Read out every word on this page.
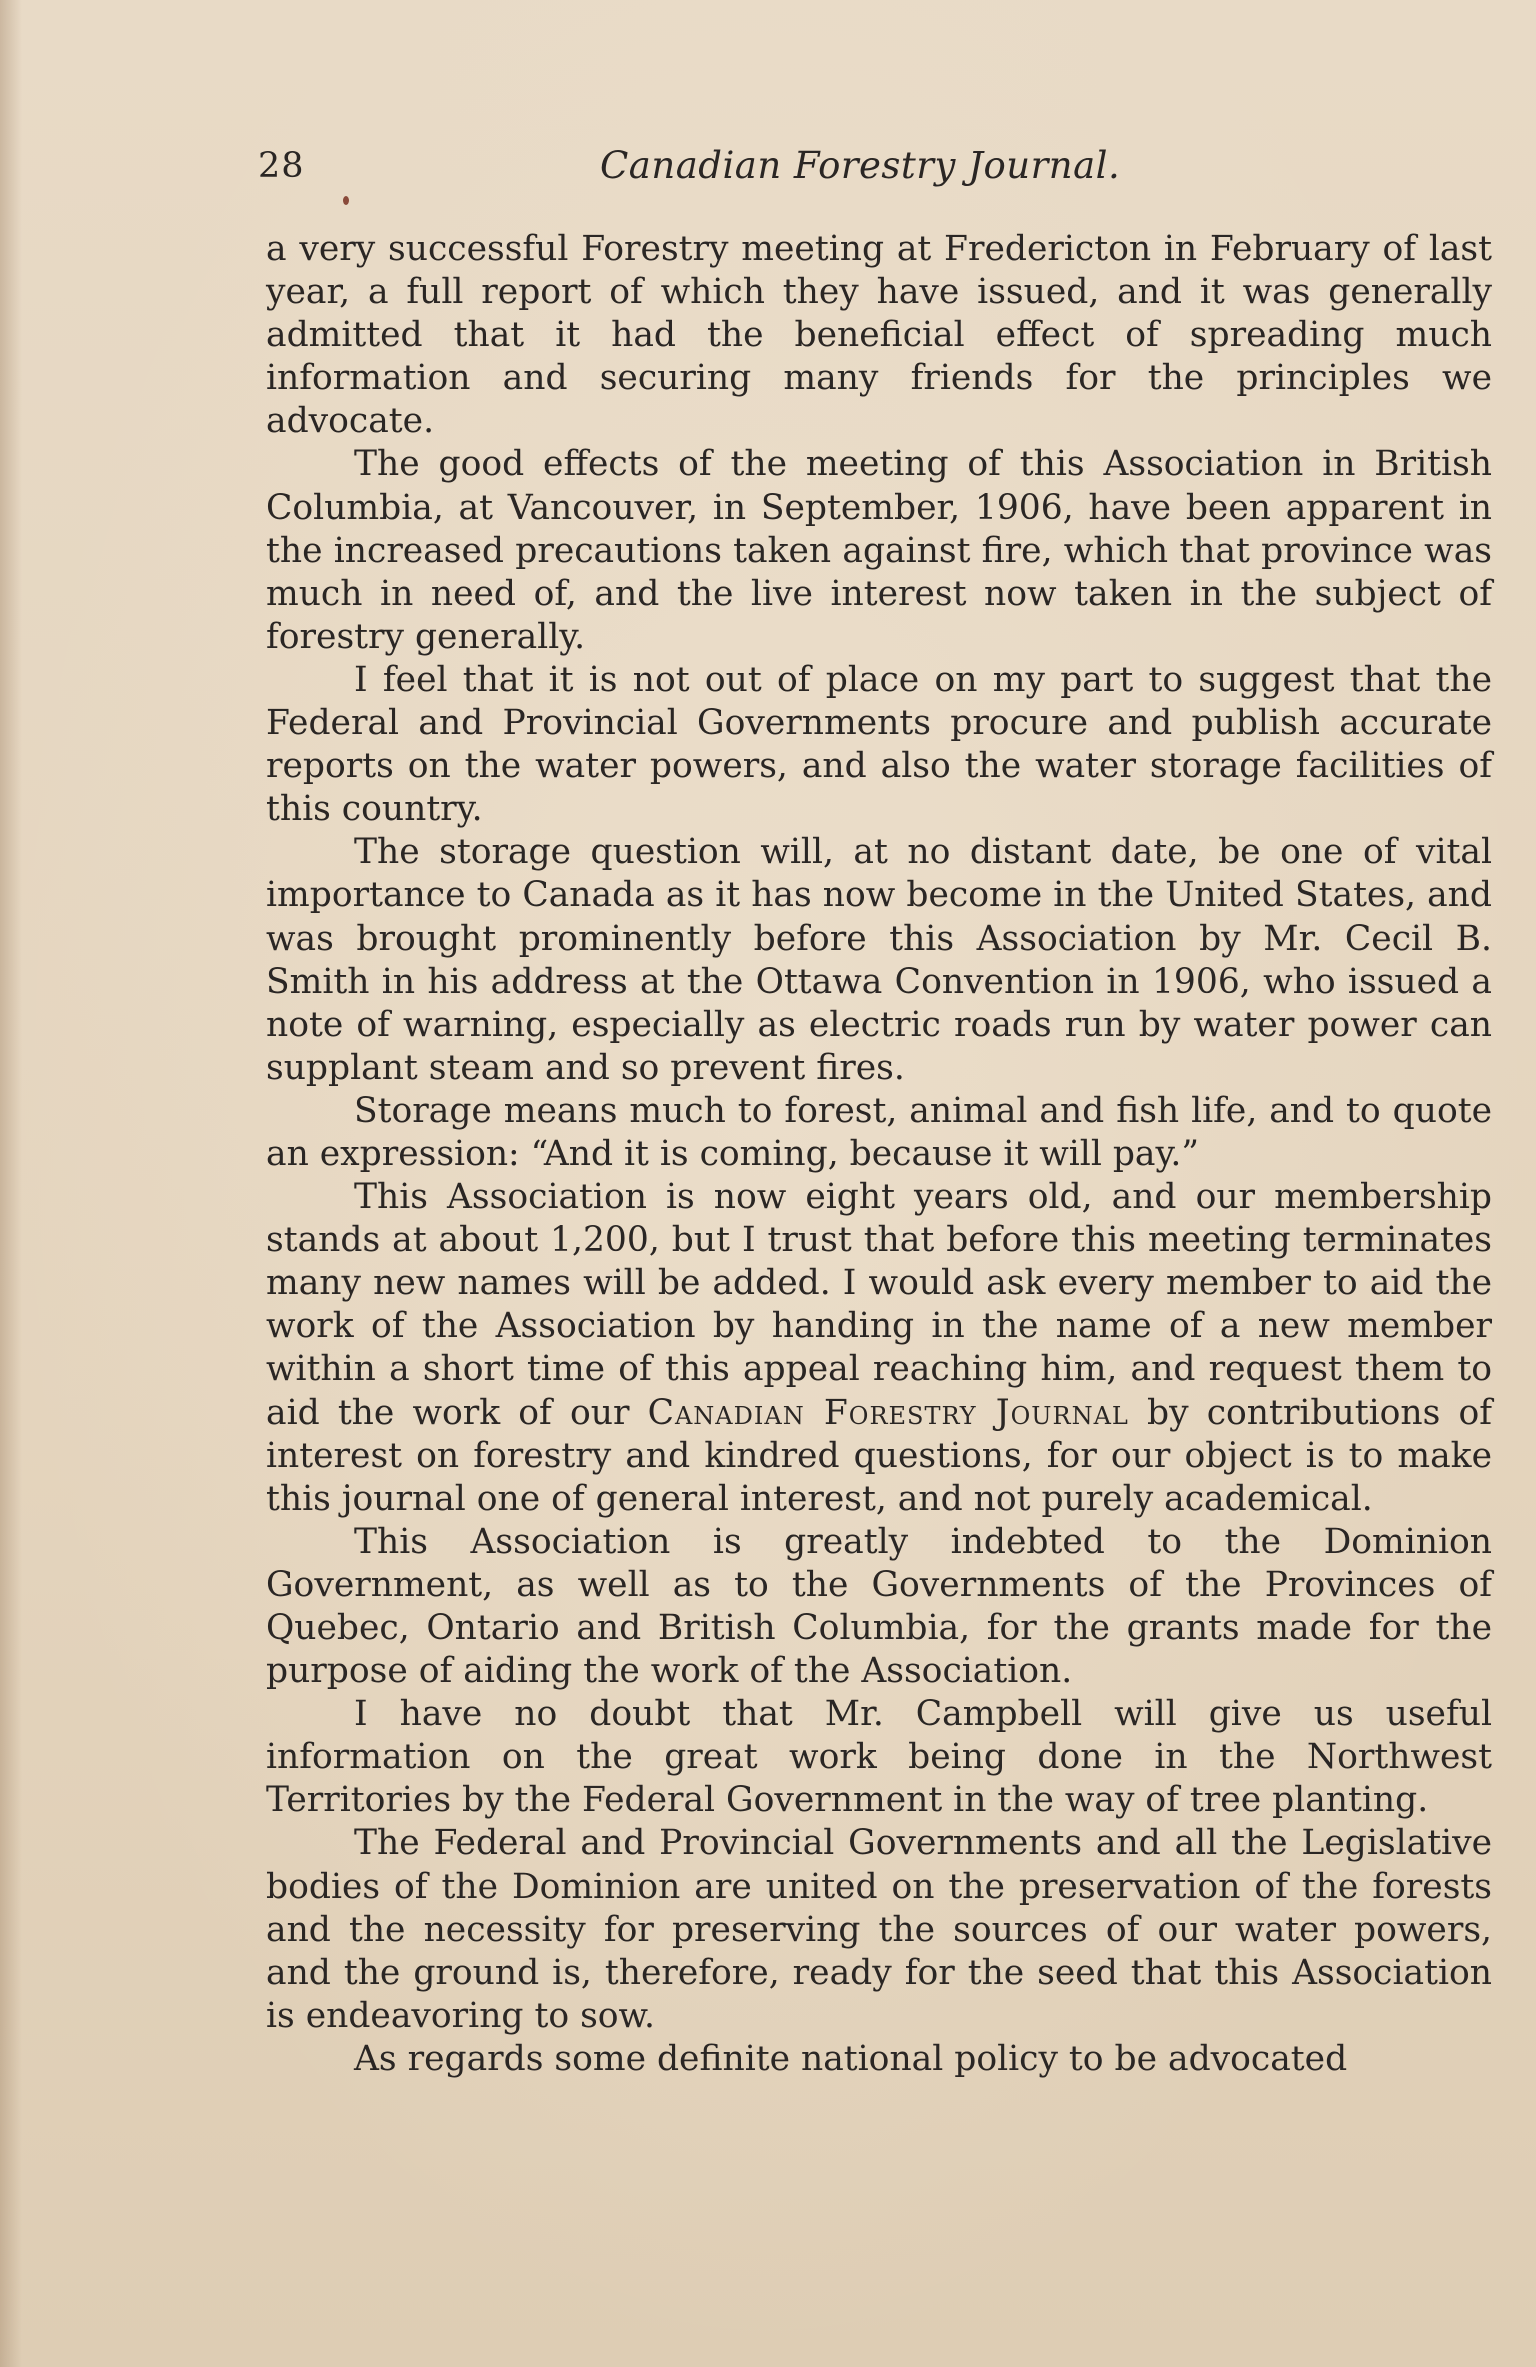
28	Canadian Forestry Journal.

a very successful Forestry meeting at Fredericton in February of last year, a full report of which they have issued, and it was generally admitted that it had the beneficial effect of spreading much information and securing many friends for the principles we advocate.

The good effects of the meeting of this Association in British Columbia, at Vancouver, in September, 1906, have been apparent in the increased precautions taken against fire, which that province was much in need of, and the live interest now taken in the subject of forestry generally.

I feel that it is not out of place on my part to suggest that the Federal and Provincial Governments procure and publish accurate reports on the water powers, and also the water storage facilities of this country.

The storage question will, at no distant date, be one of vital importance to Canada as it has now become in the United States, and was brought prominently before this Association by Mr. Cecil B. Smith in his address at the Ottawa Convention in 1906, who issued a note of warning, especially as electric roads run by water power can supplant steam and so prevent fires.

Storage means much to forest, animal and fish life, and to quote an expression: “And it is coming, because it will pay.”

This Association is now eight years old, and our membership stands at about 1,200, but I trust that before this meeting terminates many new names will be added. I would ask every member to aid the work of the Association by handing in the name of a new member within a short time of this appeal reaching him, and request them to aid the work of our Canadian Forestry Journal by contributions of interest on forestry and kindred questions, for our object is to make this journal one of general interest, and not purely academical.

This Association is greatly indebted to the Dominion Government, as well as to the Governments of the Provinces of Quebec, Ontario and British Columbia, for the grants made for the purpose of aiding the work of the Association.

I have no doubt that Mr. Campbell will give us useful information on the great work being done in the Northwest Territories by the Federal Government in the way of tree planting.

The Federal and Provincial Governments and all the Legislative bodies of the Dominion are united on the preservation of the forests and the necessity for preserving the sources of our water powers, and the ground is, therefore, ready for the seed that this Association is endeavoring to sow.

As regards some definite national policy to be advocated
